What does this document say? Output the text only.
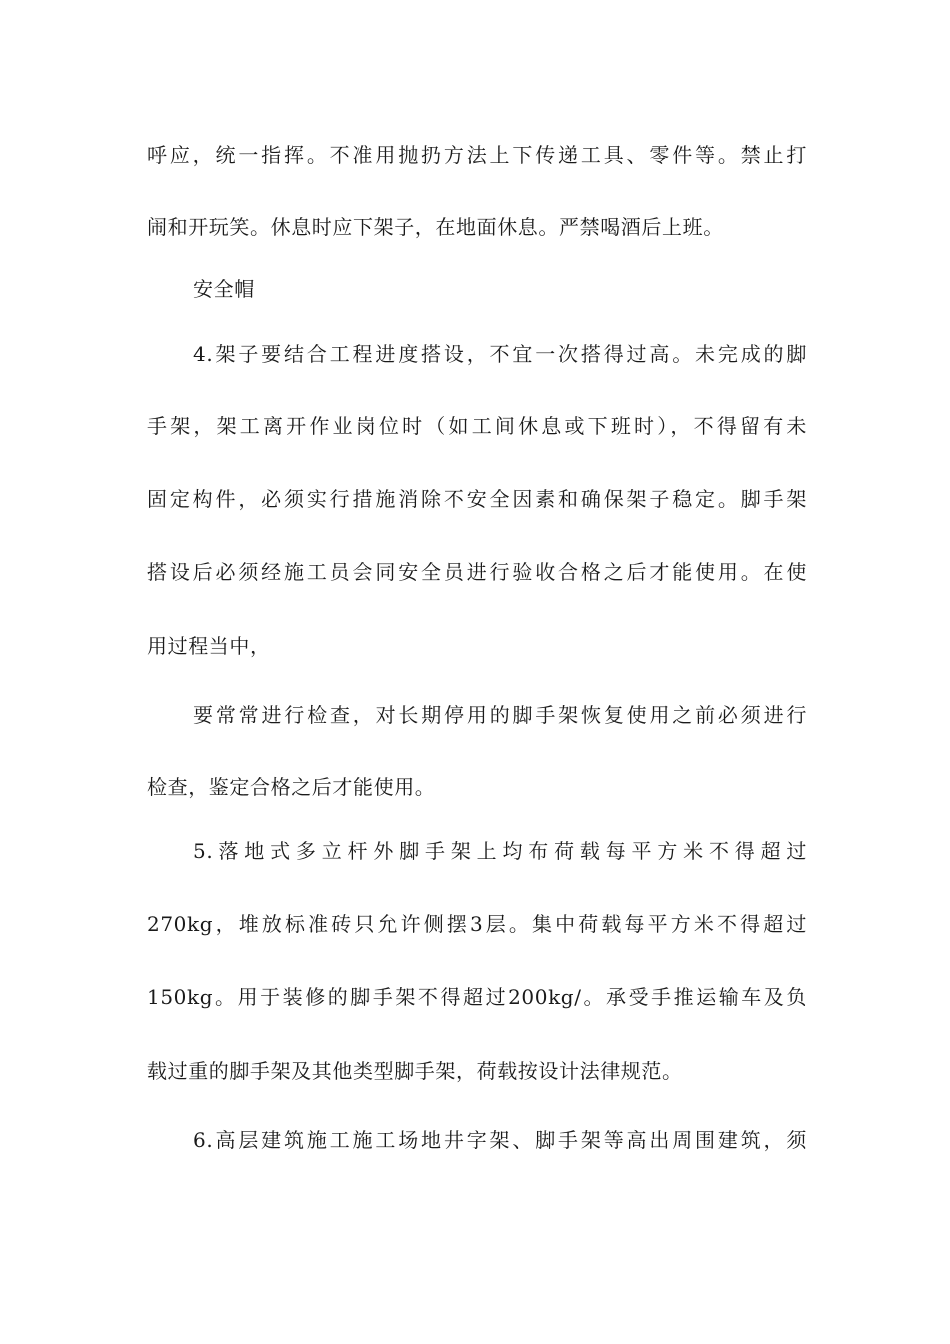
呼应，统一指挥。不准用抛扔方法上下传递工具、零件等。禁止打
闹和开玩笑。休息时应下架子，在地面休息。严禁喝酒后上班。
安全帽
4.架子要结合工程进度搭设，不宜一次搭得过高。未完成的脚
手架，架工离开作业岗位时（如工间休息或下班时），不得留有未
固定构件，必须实行措施消除不安全因素和确保架子稳定。脚手架
搭设后必须经施工员会同安全员进行验收合格之后才能使用。在使
用过程当中，
要常常进行检查，对长期停用的脚手架恢复使用之前必须进行
检查，鉴定合格之后才能使用。
5.落地式多立杆外脚手架上均布荷载每平方米不得超过
270kg，堆放标准砖只允许侧摆3层。集中荷载每平方米不得超过
150kg。用于装修的脚手架不得超过200kg/。承受手推运输车及负
载过重的脚手架及其他类型脚手架，荷载按设计法律规范。
6.高层建筑施工施工场地井字架、脚手架等高出周围建筑，须
